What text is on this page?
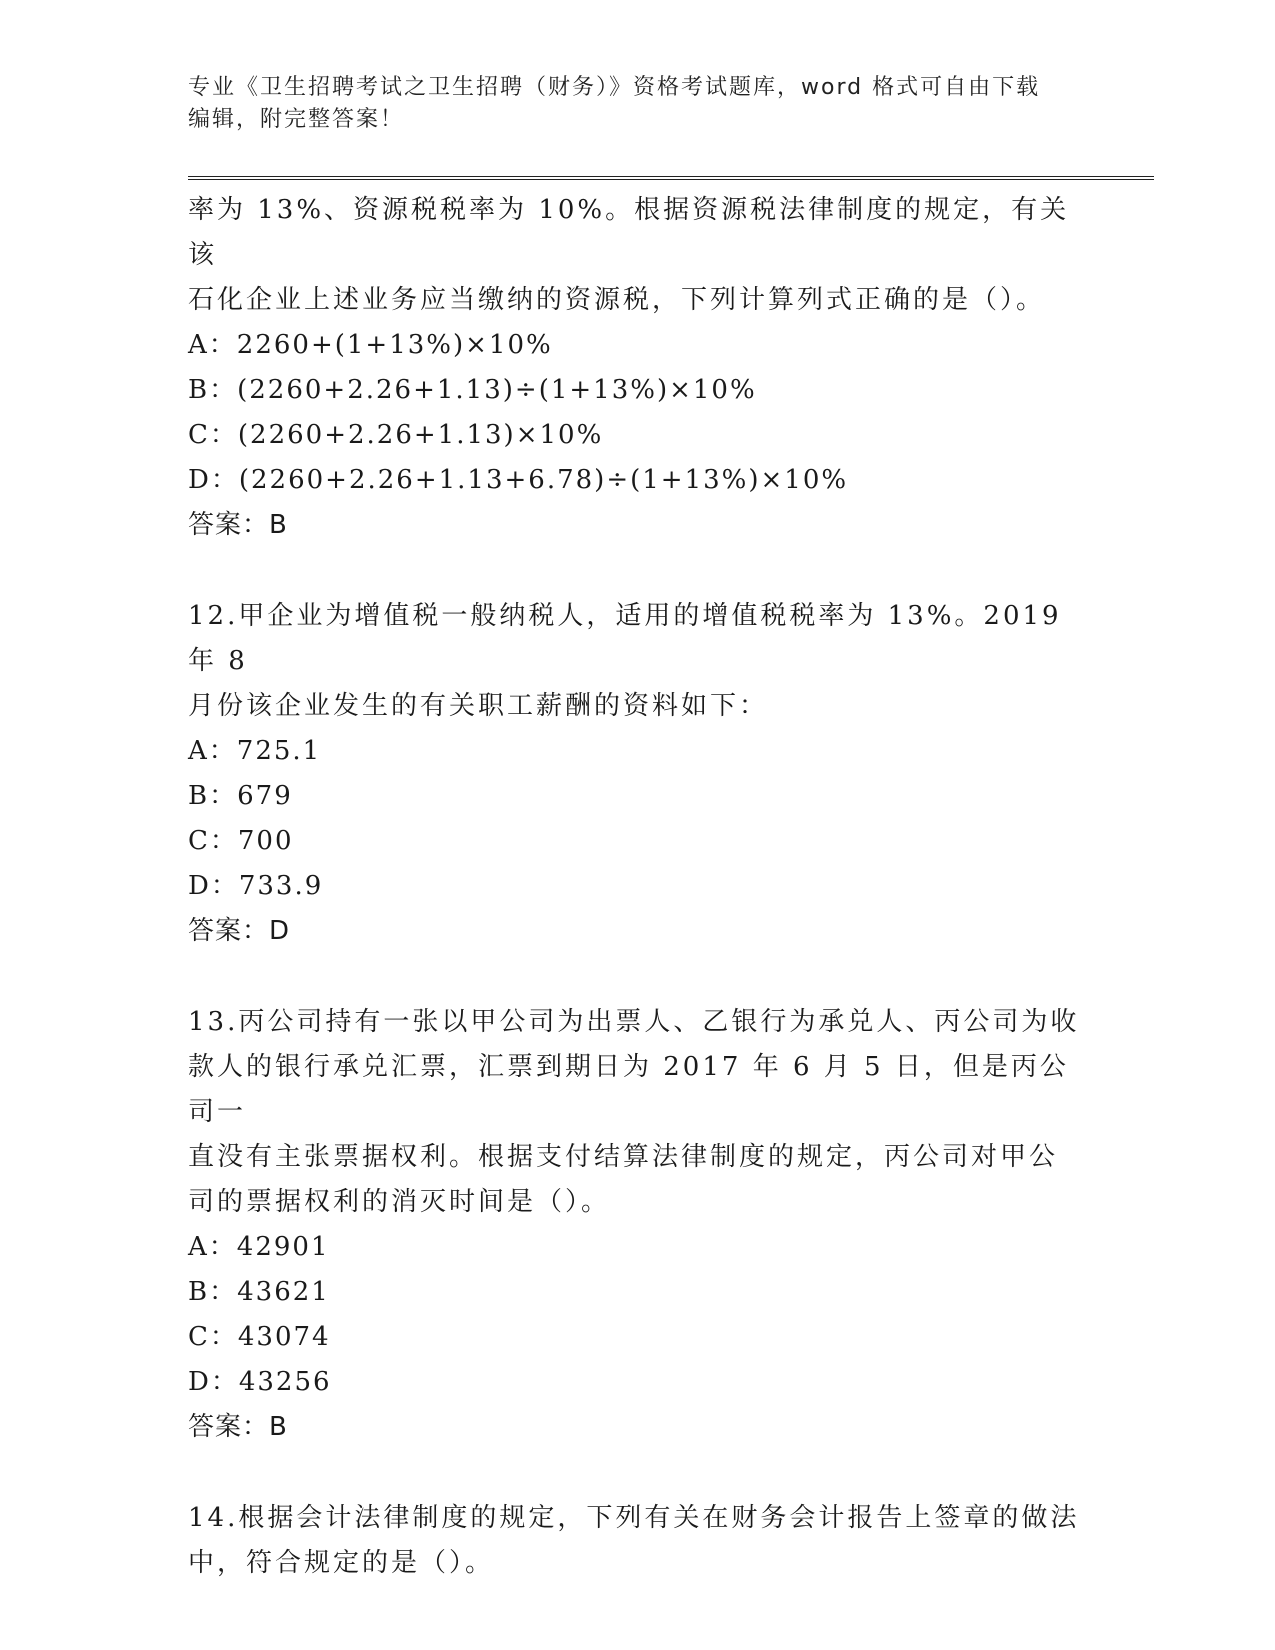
专业《卫生招聘考试之卫生招聘（财务）》资格考试题库，word 格式可自由下载
编辑，附完整答案！

率为 13%、资源税税率为 10%。根据资源税法律制度的规定，有关该

石化企业上述业务应当缴纳的资源税，下列计算列式正确的是（）。

A：2260+(1+13%)×10%

B：(2260+2.26+1.13)÷(1+13%)×10%

C：(2260+2.26+1.13)×10%

D：(2260+2.26+1.13+6.78)÷(1+13%)×10%

答案：B

12.甲企业为增值税一般纳税人，适用的增值税税率为 13%。2019 年 8

月份该企业发生的有关职工薪酬的资料如下：

A：725.1

B：679

C：700

D：733.9

答案：D

13.丙公司持有一张以甲公司为出票人、乙银行为承兑人、丙公司为收

款人的银行承兑汇票，汇票到期日为 2017 年 6 月 5 日，但是丙公司一

直没有主张票据权利。根据支付结算法律制度的规定，丙公司对甲公

司的票据权利的消灭时间是（）。

A：42901

B：43621

C：43074

D：43256

答案：B

14.根据会计法律制度的规定，下列有关在财务会计报告上签章的做法

中，符合规定的是（）。
